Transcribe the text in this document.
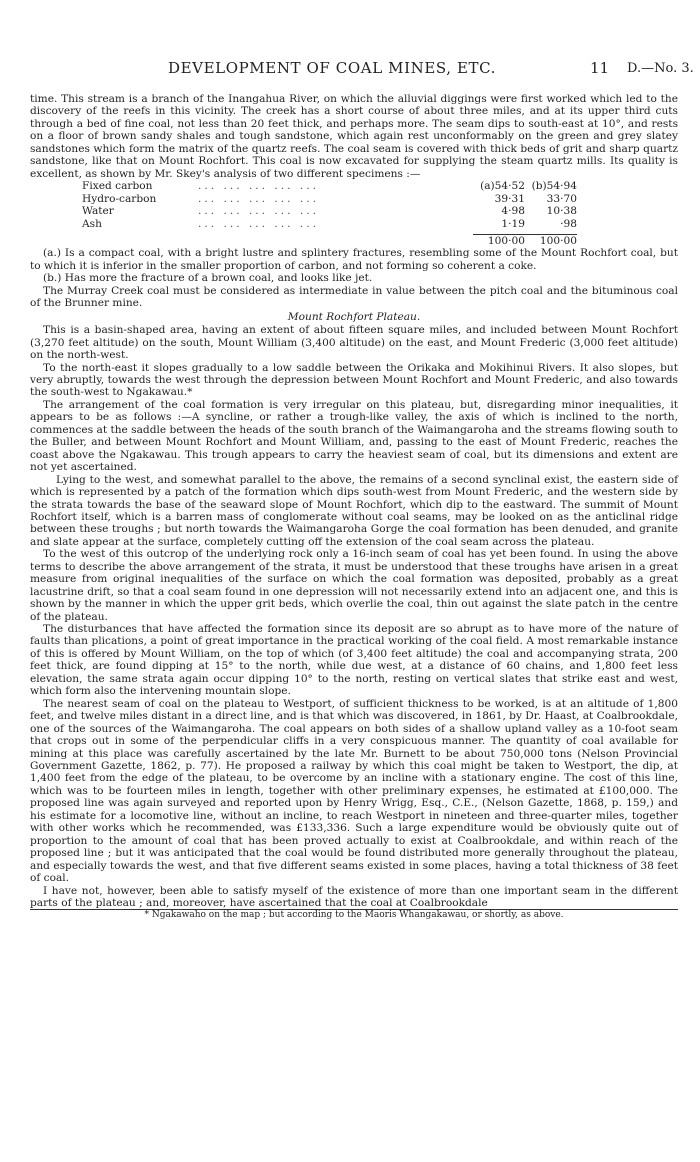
DEVELOPMENT OF COAL MINES, ETC.	11 D.—No. 3.

time. This stream is a branch of the Inangahua River, on which the alluvial diggings were first worked which led to the discovery of the reefs in this vicinity. The creek has a short course of about three miles, and at its upper third cuts through a bed of fine coal, not less than 20 feet thick, and perhaps more. The seam dips to south-east at 10°, and rests on a floor of brown sandy shales and tough sandstone, which again rest unconformably on the green and grey slatey sandstones which form the matrix of the quartz reefs. The coal seam is covered with thick beds of grit and sharp quartz sandstone, like that on Mount Rochfort. This coal is now excavated for supplying the steam quartz mills. Its quality is excellent, as shown by Mr. Skey's analysis of two different specimens :—

Fixed carbon	... ... ... ... ...	(a)54·52	(b)54·94
Hydro-carbon	... ... ... ... ...	39·31	33·70
Water	... ... ... ... ...	4·98	10·38
Ash	... ... ... ... ...	1·19	·98

		100·00	100·00

(a.) Is a compact coal, with a bright lustre and splintery fractures, resembling some of the Mount Rochfort coal, but to which it is inferior in the smaller proportion of carbon, and not forming so coherent a coke.

(b.) Has more the fracture of a brown coal, and looks like jet.

The Murray Creek coal must be considered as intermediate in value between the pitch coal and the bituminous coal of the Brunner mine.

Mount Rochfort Plateau.

This is a basin-shaped area, having an extent of about fifteen square miles, and included between Mount Rochfort (3,270 feet altitude) on the south, Mount William (3,400 altitude) on the east, and Mount Frederic (3,000 feet altitude) on the north-west.

To the north-east it slopes gradually to a low saddle between the Orikaka and Mokihinui Rivers. It also slopes, but very abruptly, towards the west through the depression between Mount Rochfort and Mount Frederic, and also towards the south-west to Ngakawau.*

The arrangement of the coal formation is very irregular on this plateau, but, disregarding minor inequalities, it appears to be as follows :—A syncline, or rather a trough-like valley, the axis of which is inclined to the north, commences at the saddle between the heads of the south branch of the Waimangaroha and the streams flowing south to the Buller, and between Mount Rochfort and Mount William, and, passing to the east of Mount Frederic, reaches the coast above the Ngakawau. This trough appears to carry the heaviest seam of coal, but its dimensions and extent are not yet ascertained.

Lying to the west, and somewhat parallel to the above, the remains of a second synclinal exist, the eastern side of which is represented by a patch of the formation which dips south-west from Mount Frederic, and the western side by the strata towards the base of the seaward slope of Mount Rochfort, which dip to the eastward. The summit of Mount Rochfort itself, which is a barren mass of conglomerate without coal seams, may be looked on as the anticlinal ridge between these troughs ; but north towards the Waimangaroha Gorge the coal formation has been denuded, and granite and slate appear at the surface, completely cutting off the extension of the coal seam across the plateau.

To the west of this outcrop of the underlying rock only a 16-inch seam of coal has yet been found. In using the above terms to describe the above arrangement of the strata, it must be understood that these troughs have arisen in a great measure from original inequalities of the surface on which the coal formation was deposited, probably as a great lacustrine drift, so that a coal seam found in one depression will not necessarily extend into an adjacent one, and this is shown by the manner in which the upper grit beds, which overlie the coal, thin out against the slate patch in the centre of the plateau.

The disturbances that have affected the formation since its deposit are so abrupt as to have more of the nature of faults than plications, a point of great importance in the practical working of the coal field. A most remarkable instance of this is offered by Mount William, on the top of which (of 3,400 feet altitude) the coal and accompanying strata, 200 feet thick, are found dipping at 15° to the north, while due west, at a distance of 60 chains, and 1,800 feet less elevation, the same strata again occur dipping 10° to the north, resting on vertical slates that strike east and west, which form also the intervening mountain slope.

The nearest seam of coal on the plateau to Westport, of sufficient thickness to be worked, is at an altitude of 1,800 feet, and twelve miles distant in a direct line, and is that which was discovered, in 1861, by Dr. Haast, at Coalbrookdale, one of the sources of the Waimangaroha. The coal appears on both sides of a shallow upland valley as a 10-foot seam that crops out in some of the perpendicular cliffs in a very conspicuous manner. The quantity of coal available for mining at this place was carefully ascertained by the late Mr. Burnett to be about 750,000 tons (Nelson Provincial Government Gazette, 1862, p. 77). He proposed a railway by which this coal might be taken to Westport, the dip, at 1,400 feet from the edge of the plateau, to be overcome by an incline with a stationary engine. The cost of this line, which was to be fourteen miles in length, together with other preliminary expenses, he estimated at £100,000. The proposed line was again surveyed and reported upon by Henry Wrigg, Esq., C.E., (Nelson Gazette, 1868, p. 159,) and his estimate for a locomotive line, without an incline, to reach Westport in nineteen and three-quarter miles, together with other works which he recommended, was £133,336. Such a large expenditure would be obviously quite out of proportion to the amount of coal that has been proved actually to exist at Coalbrookdale, and within reach of the proposed line ; but it was anticipated that the coal would be found distributed more generally throughout the plateau, and especially towards the west, and that five different seams existed in some places, having a total thickness of 38 feet of coal.

I have not, however, been able to satisfy myself of the existence of more than one important seam in the different parts of the plateau ; and, moreover, have ascertained that the coal at Coalbrookdale

* Ngakawaho on the map ; but according to the Maoris Whangakawau, or shortly, as above.
